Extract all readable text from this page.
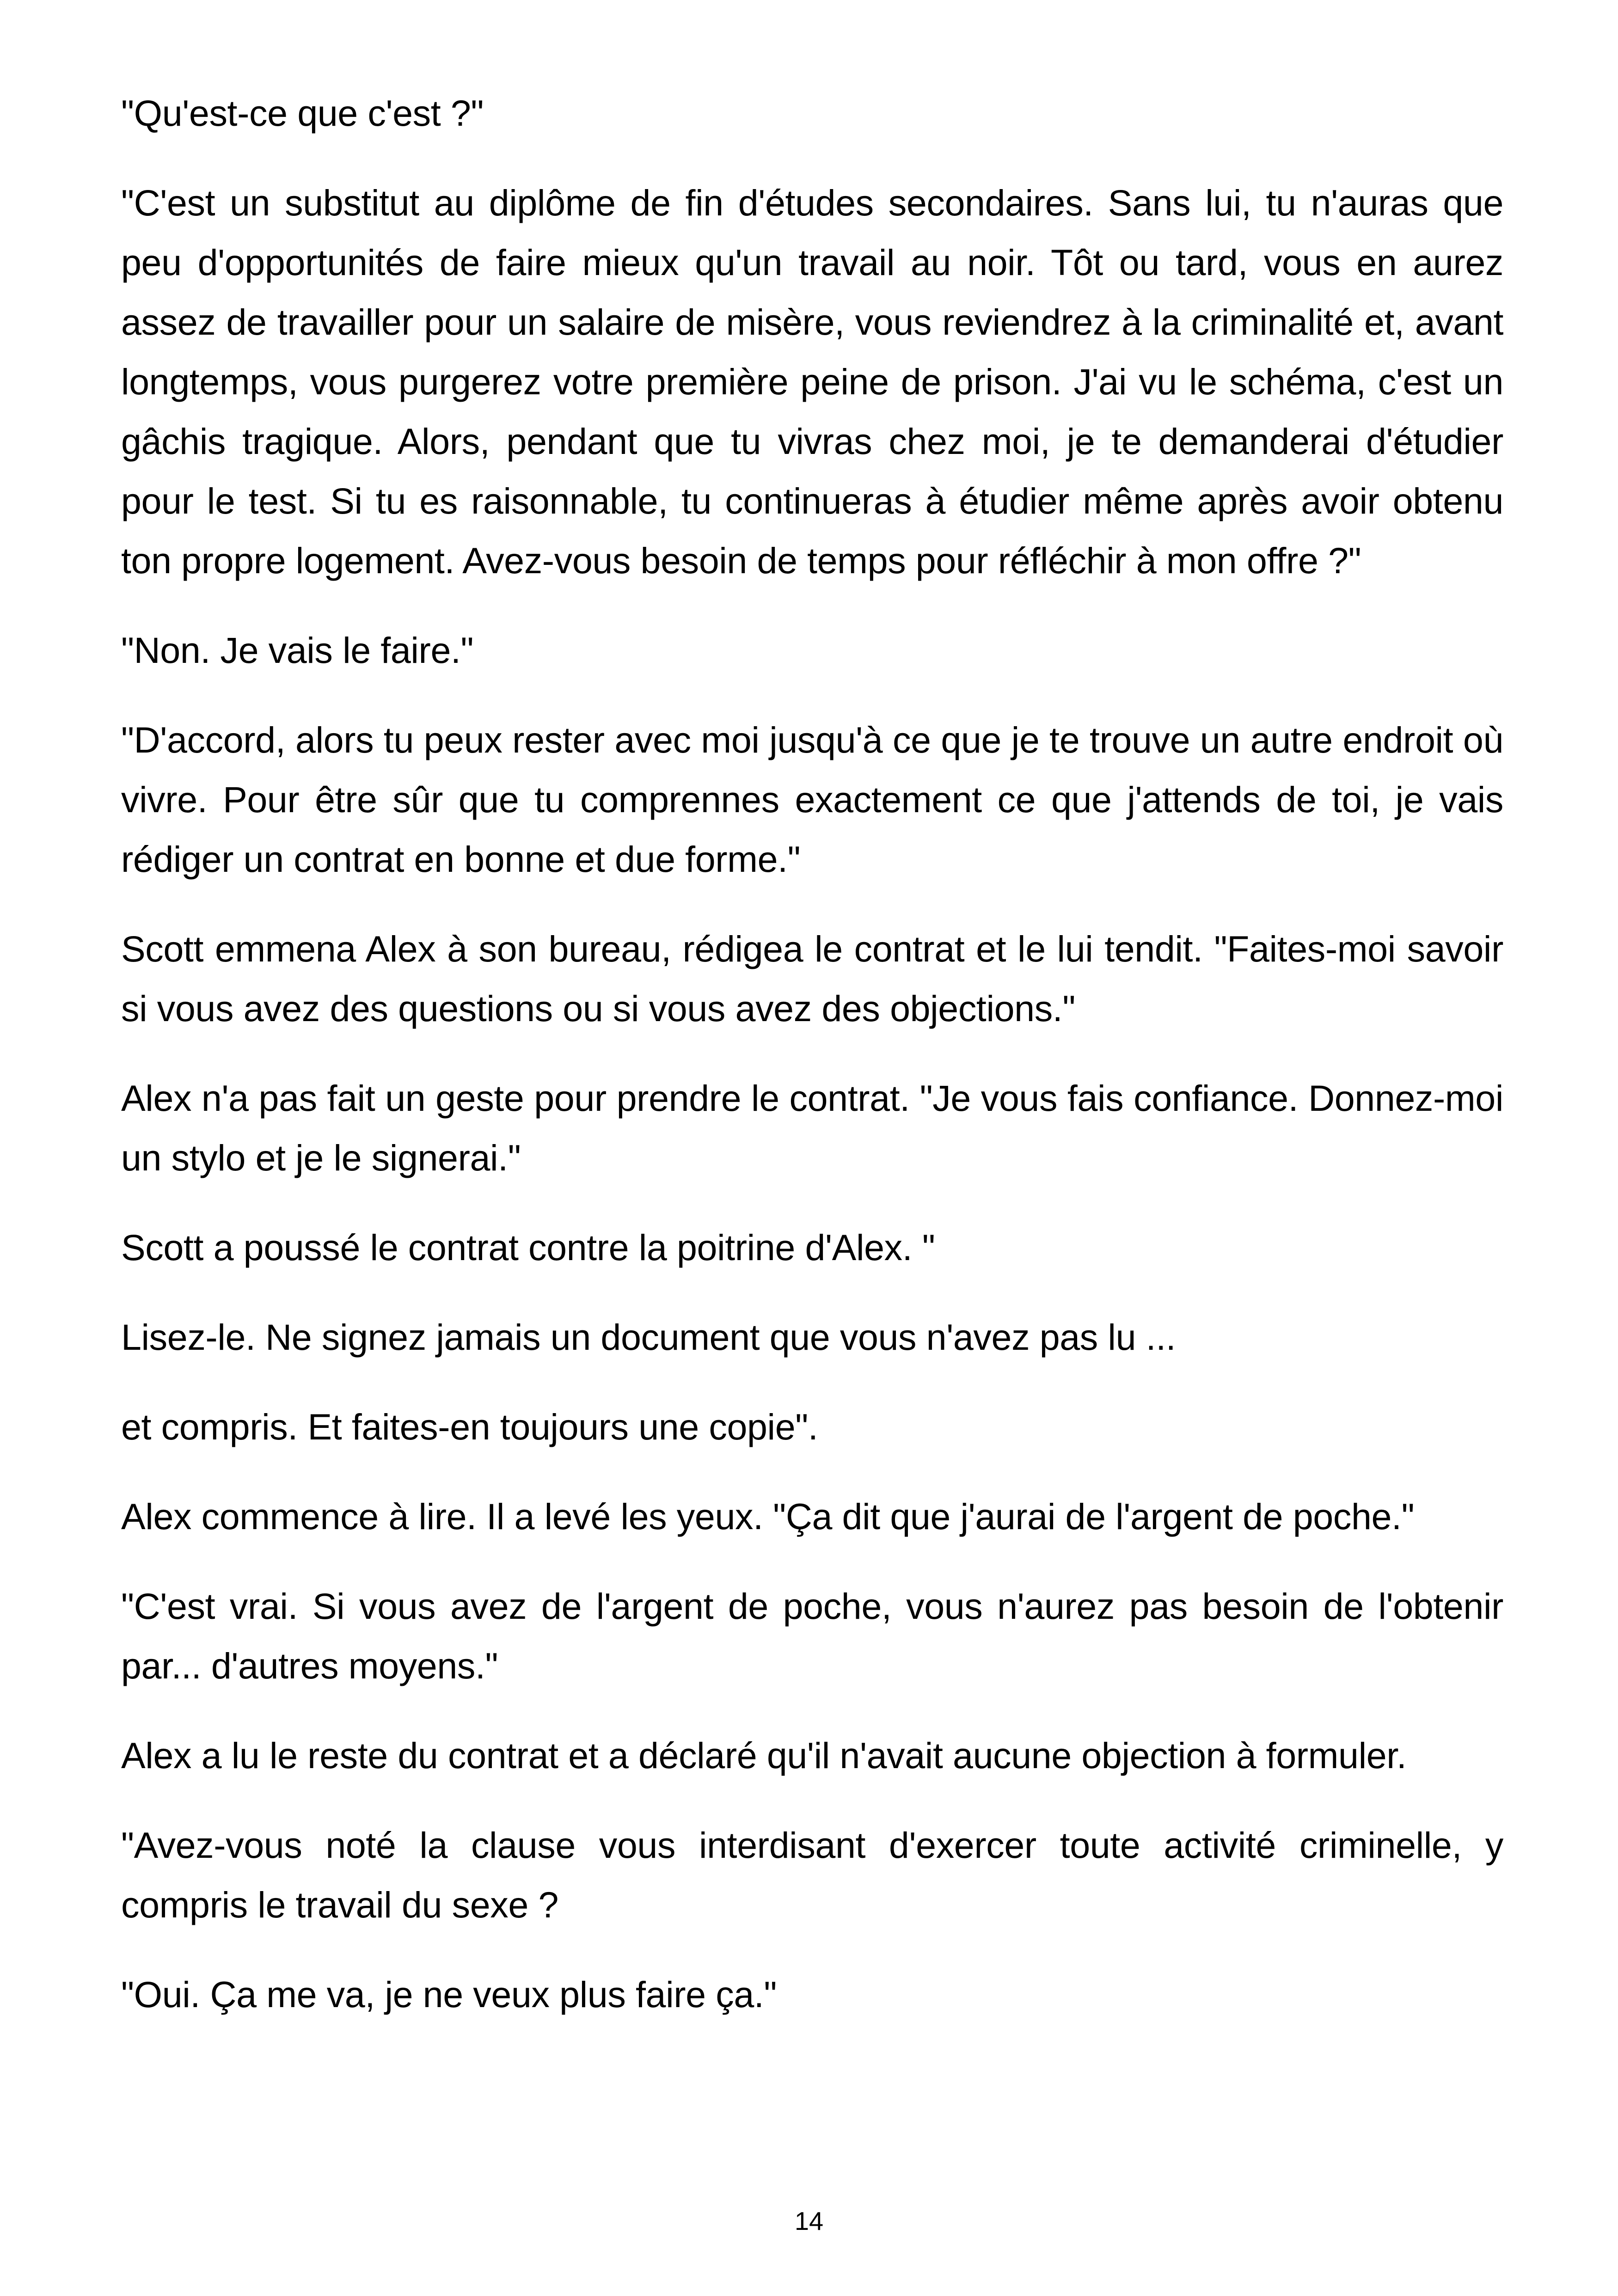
"Qu'est-ce que c'est ?"

"C'est un substitut au diplôme de fin d'études secondaires. Sans lui, tu n'auras que peu d'opportunités de faire mieux qu'un travail au noir. Tôt ou tard, vous en aurez assez de travailler pour un salaire de misère, vous reviendrez à la criminalité et, avant longtemps, vous purgerez votre première peine de prison. J'ai vu le schéma, c'est un gâchis tragique. Alors, pendant que tu vivras chez moi, je te demanderai d'étudier pour le test. Si tu es raisonnable, tu continueras à étudier même après avoir obtenu ton propre logement. Avez-vous besoin de temps pour réfléchir à mon offre ?"

"Non. Je vais le faire."

"D'accord, alors tu peux rester avec moi jusqu'à ce que je te trouve un autre endroit où vivre. Pour être sûr que tu comprennes exactement ce que j'attends de toi, je vais rédiger un contrat en bonne et due forme."

Scott emmena Alex à son bureau, rédigea le contrat et le lui tendit. "Faites-moi savoir si vous avez des questions ou si vous avez des objections."

Alex n'a pas fait un geste pour prendre le contrat. "Je vous fais confiance. Donnez-moi un stylo et je le signerai."

Scott a poussé le contrat contre la poitrine d'Alex. "

Lisez-le. Ne signez jamais un document que vous n'avez pas lu ...

et compris. Et faites-en toujours une copie".

Alex commence à lire. Il a levé les yeux. "Ça dit que j'aurai de l'argent de poche."

"C'est vrai. Si vous avez de l'argent de poche, vous n'aurez pas besoin de l'obtenir par... d'autres moyens."

Alex a lu le reste du contrat et a déclaré qu'il n'avait aucune objection à formuler.

"Avez-vous noté la clause vous interdisant d'exercer toute activité criminelle, y compris le travail du sexe ?

"Oui. Ça me va, je ne veux plus faire ça."

14
